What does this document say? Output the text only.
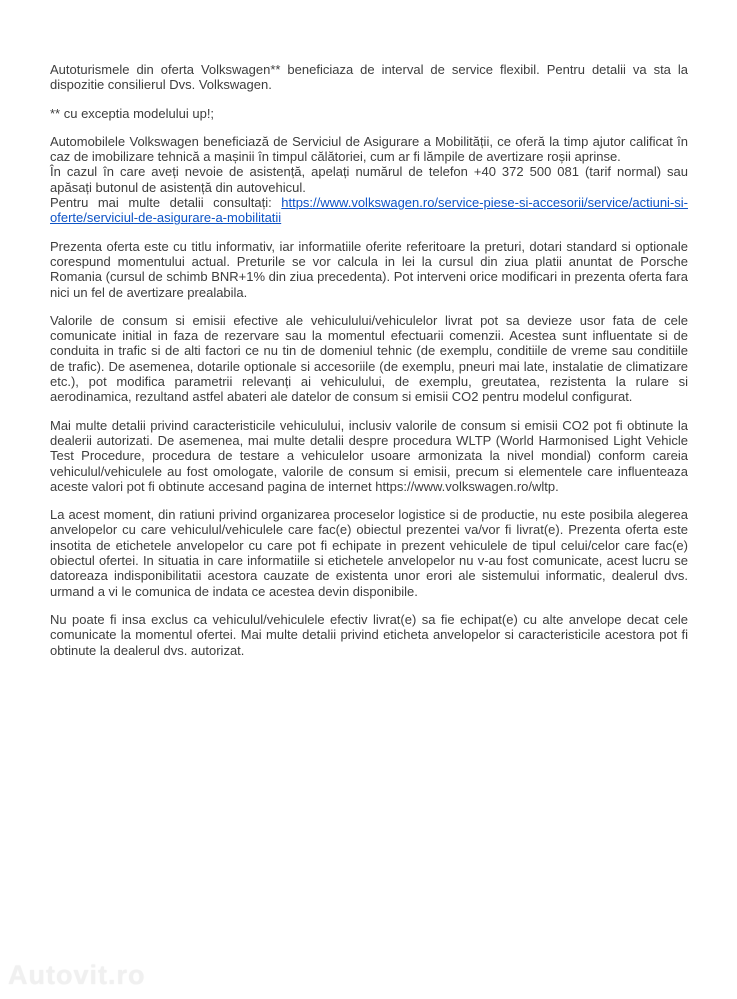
Autoturismele din oferta Volkswagen** beneficiaza de interval de service flexibil. Pentru detalii va sta la dispozitie consilierul Dvs. Volkswagen.

** cu exceptia modelului up!;

Automobilele Volkswagen beneficiază de Serviciul de Asigurare a Mobilității, ce oferă la timp ajutor calificat în caz de imobilizare tehnică a mașinii în timpul călătoriei, cum ar fi lămpile de avertizare roșii aprinse.
În cazul în care aveți nevoie de asistență, apelați numărul de telefon +40 372 500 081 (tarif normal) sau apăsați butonul de asistență din autovehicul.
Pentru mai multe detalii consultați: https://www.volkswagen.ro/service-piese-si-accesorii/service/actiuni-si-oferte/serviciul-de-asigurare-a-mobilitatii

Prezenta oferta este cu titlu informativ, iar informatiile oferite referitoare la preturi, dotari standard si optionale corespund momentului actual. Preturile se vor calcula in lei la cursul din ziua platii anuntat de Porsche Romania (cursul de schimb BNR+1% din ziua precedenta). Pot interveni orice modificari in prezenta oferta fara nici un fel de avertizare prealabila.

Valorile de consum si emisii efective ale vehiculului/vehiculelor livrat pot sa devieze usor fata de cele comunicate initial in faza de rezervare sau la momentul efectuarii comenzii. Acestea sunt influentate si de conduita in trafic si de alti factori ce nu tin de domeniul tehnic (de exemplu, conditiile de vreme sau conditiile de trafic). De asemenea, dotarile optionale si accesoriile (de exemplu, pneuri mai late, instalatie de climatizare etc.), pot modifica parametrii relevanți ai vehiculului, de exemplu, greutatea, rezistenta la rulare si aerodinamica, rezultand astfel abateri ale datelor de consum si emisii CO2 pentru modelul configurat.

Mai multe detalii privind caracteristicile vehiculului, inclusiv valorile de consum si emisii CO2 pot fi obtinute la dealerii autorizati. De asemenea, mai multe detalii despre procedura WLTP (World Harmonised Light Vehicle Test Procedure, procedura de testare a vehiculelor usoare armonizata la nivel mondial) conform careia vehiculul/vehiculele au fost omologate, valorile de consum si emisii, precum si elementele care influenteaza aceste valori pot fi obtinute accesand pagina de internet https://www.volkswagen.ro/wltp.

La acest moment, din ratiuni privind organizarea proceselor logistice si de productie, nu este posibila alegerea anvelopelor cu care vehiculul/vehiculele care fac(e) obiectul prezentei va/vor fi livrat(e). Prezenta oferta este insotita de etichetele anvelopelor cu care pot fi echipate in prezent vehiculele de tipul celui/celor care fac(e) obiectul ofertei. In situatia in care informatiile si etichetele anvelopelor nu v-au fost comunicate, acest lucru se datoreaza indisponibilitatii acestora cauzate de existenta unor erori ale sistemului informatic, dealerul dvs. urmand a vi le comunica de indata ce acestea devin disponibile.

Nu poate fi insa exclus ca vehiculul/vehiculele efectiv livrat(e) sa fie echipat(e) cu alte anvelope decat cele comunicate la momentul ofertei. Mai multe detalii privind eticheta anvelopelor si caracteristicile acestora pot fi obtinute la dealerul dvs. autorizat.

Autovit.ro
